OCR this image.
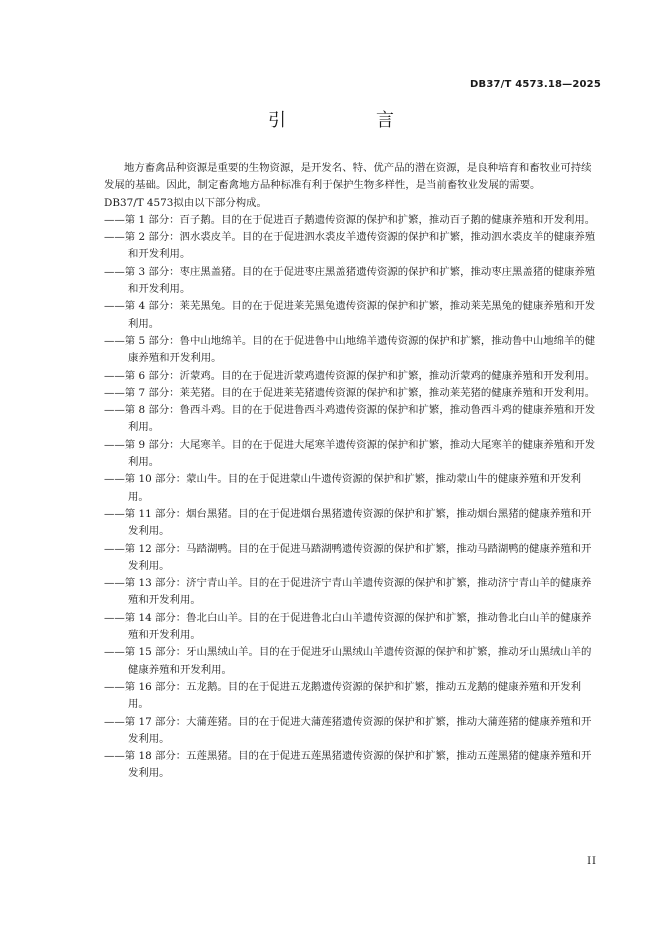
DB37/T 4573.18—2025
引　言

地方畜禽品种资源是重要的生物资源，是开发名、特、优产品的潜在资源，是良种培育和畜牧业可持续发展的基础。因此，制定畜禽地方品种标准有利于保护生物多样性，是当前畜牧业发展的需要。

DB37/T 4573拟由以下部分构成。

——第 1 部分：百子鹅。目的在于促进百子鹅遗传资源的保护和扩繁，推动百子鹅的健康养殖和开发利用。

——第 2 部分：泗水裘皮羊。目的在于促进泗水裘皮羊遗传资源的保护和扩繁，推动泗水裘皮羊的健康养殖和开发利用。

——第 3 部分：枣庄黑盖猪。目的在于促进枣庄黑盖猪遗传资源的保护和扩繁，推动枣庄黑盖猪的健康养殖和开发利用。

——第 4 部分：莱芜黑兔。目的在于促进莱芜黑兔遗传资源的保护和扩繁，推动莱芜黑兔的健康养殖和开发利用。

——第 5 部分：鲁中山地绵羊。目的在于促进鲁中山地绵羊遗传资源的保护和扩繁，推动鲁中山地绵羊的健康养殖和开发利用。

——第 6 部分：沂蒙鸡。目的在于促进沂蒙鸡遗传资源的保护和扩繁，推动沂蒙鸡的健康养殖和开发利用。

——第 7 部分：莱芜猪。目的在于促进莱芜猪遗传资源的保护和扩繁，推动莱芜猪的健康养殖和开发利用。

——第 8 部分：鲁西斗鸡。目的在于促进鲁西斗鸡遗传资源的保护和扩繁，推动鲁西斗鸡的健康养殖和开发利用。

——第 9 部分：大尾寒羊。目的在于促进大尾寒羊遗传资源的保护和扩繁，推动大尾寒羊的健康养殖和开发利用。

——第 10 部分：蒙山牛。目的在于促进蒙山牛遗传资源的保护和扩繁，推动蒙山牛的健康养殖和开发利用。

——第 11 部分：烟台黑猪。目的在于促进烟台黑猪遗传资源的保护和扩繁，推动烟台黑猪的健康养殖和开发利用。

——第 12 部分：马踏湖鸭。目的在于促进马踏湖鸭遗传资源的保护和扩繁，推动马踏湖鸭的健康养殖和开发利用。

——第 13 部分：济宁青山羊。目的在于促进济宁青山羊遗传资源的保护和扩繁，推动济宁青山羊的健康养殖和开发利用。

——第 14 部分：鲁北白山羊。目的在于促进鲁北白山羊遗传资源的保护和扩繁，推动鲁北白山羊的健康养殖和开发利用。

——第 15 部分：牙山黑绒山羊。目的在于促进牙山黑绒山羊遗传资源的保护和扩繁，推动牙山黑绒山羊的健康养殖和开发利用。

——第 16 部分：五龙鹅。目的在于促进五龙鹅遗传资源的保护和扩繁，推动五龙鹅的健康养殖和开发利用。

——第 17 部分：大蒲莲猪。目的在于促进大蒲莲猪遗传资源的保护和扩繁，推动大蒲莲猪的健康养殖和开发利用。

——第 18 部分：五莲黑猪。目的在于促进五莲黑猪遗传资源的保护和扩繁，推动五莲黑猪的健康养殖和开发利用。

II
